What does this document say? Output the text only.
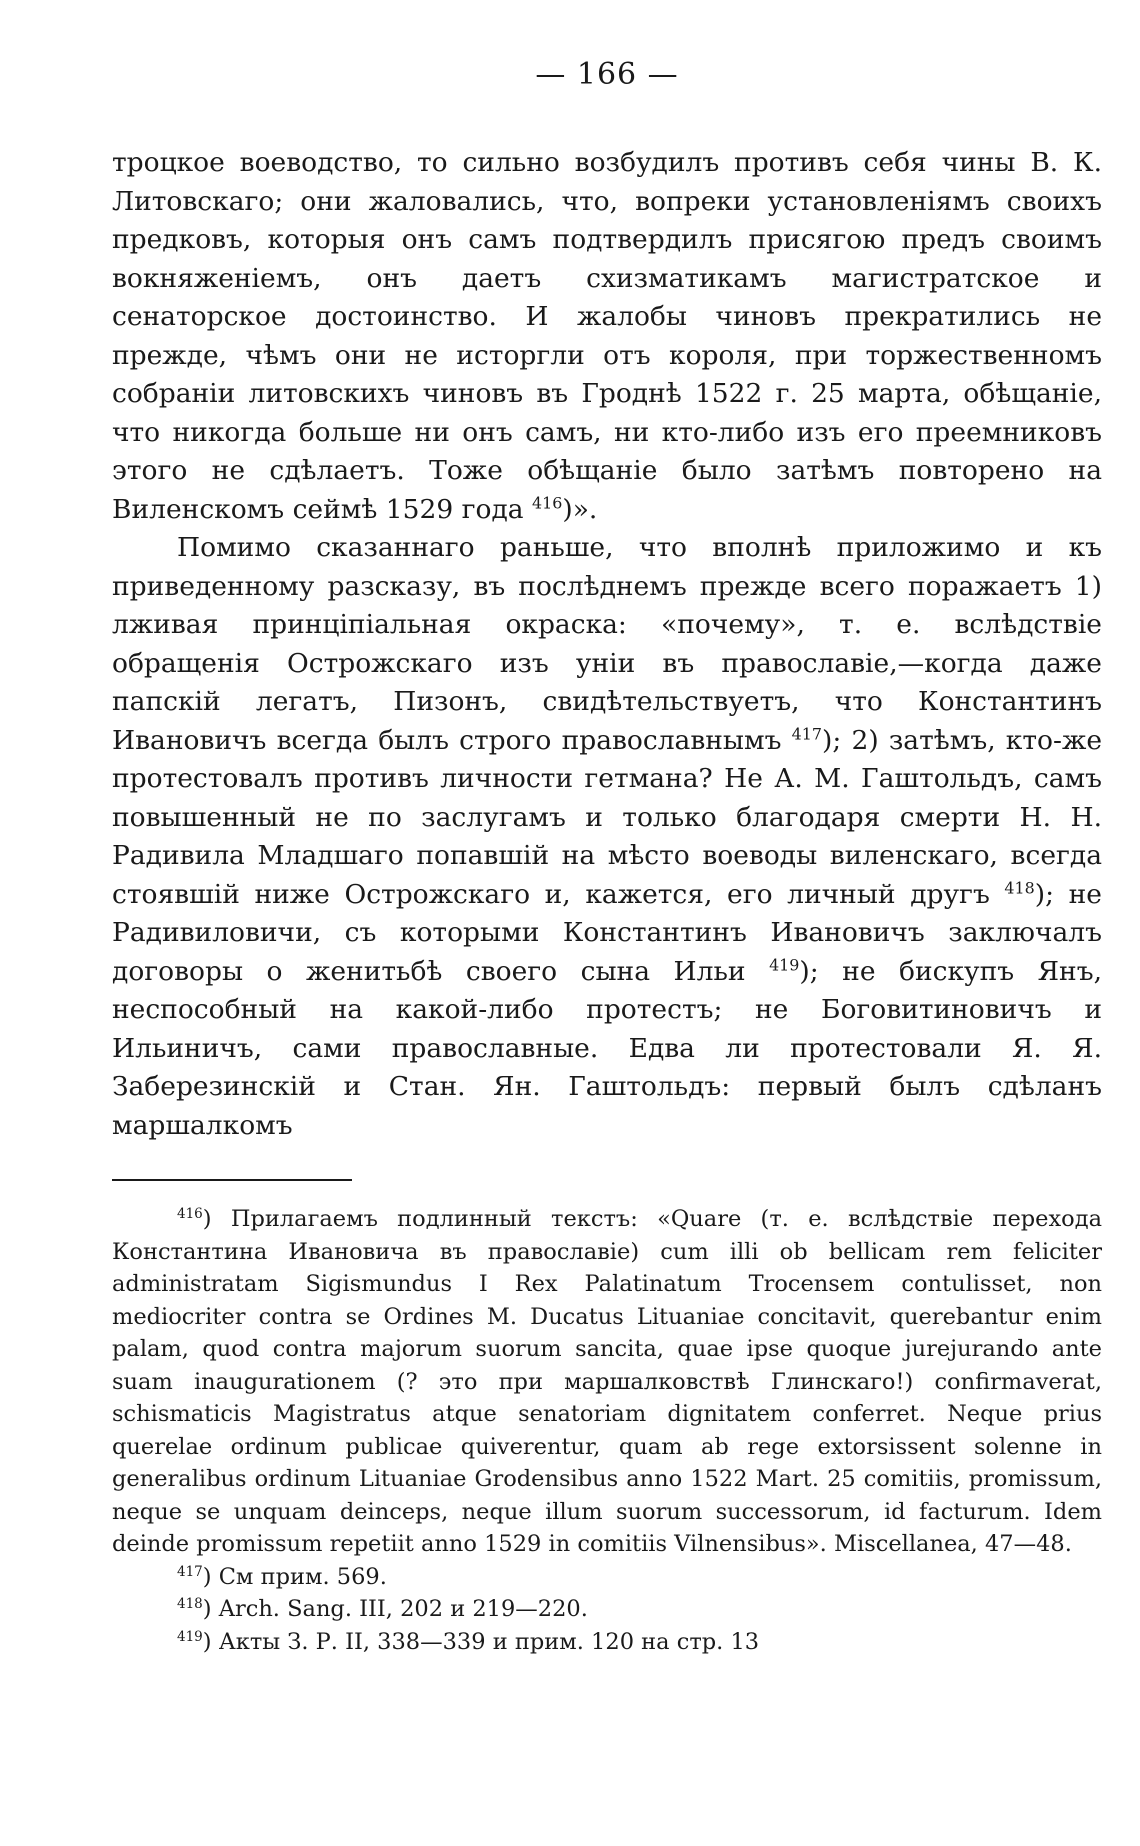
— 166 —

троцкое воеводство, то сильно возбудилъ противъ себя чины В. К. Литовскаго; они жаловались, что, вопреки установленiямъ своихъ предковъ, которыя онъ самъ подтвердилъ присягою предъ своимъ вокняженiемъ, онъ даетъ схизматикамъ магистратское и сенаторское достоинство. И жалобы чиновъ прекратились не прежде, чѣмъ они не исторгли отъ короля, при торжественномъ собранiи литовскихъ чиновъ въ Гроднѣ 1522 г. 25 марта, обѣщанiе, что никогда больше ни онъ самъ, ни кто-либо изъ его преемниковъ этого не сдѣлаетъ. Тоже обѣщанiе было затѣмъ повторено на Виленскомъ сеймѣ 1529 года $^{416}$)».

Помимо сказаннаго раньше, что вполнѣ приложимо и къ приведенному разсказу, въ послѣднемъ прежде всего поражаетъ 1) лживая принцiпiальная окраска: «почему», т. е. вслѣдствiе обращенiя Острожскаго изъ унiи въ православiе,—когда даже папскiй легатъ, Пизонъ, свидѣтельствуетъ, что Константинъ Ивановичъ всегда былъ строго православнымъ $^{417}$); 2) затѣмъ, кто-же протестовалъ противъ личности гетмана? Не А. М. Гаштольдъ, самъ повышенный не по заслугамъ и только благодаря смерти Н. Н. Радивила Младшаго попавшiй на мѣсто воеводы виленскаго, всегда стоявшiй ниже Острожскаго и, кажется, его личный другъ $^{418}$); не Радивиловичи, съ которыми Константинъ Ивановичъ заключалъ договоры о женитьбѣ своего сына Ильи $^{419}$); не бискупъ Янъ, неспособный на какой-либо протестъ; не Боговитиновичъ и Ильиничъ, сами православные. Едва ли протестовали Я. Я. Заберезинскiй и Стан. Ян. Гаштольдъ: первый былъ сдѣланъ маршалкомъ

$^{416}$) Прилагаемъ подлинный текстъ: «Quare (т. е. вслѣдствiе перехода Константина Ивановича въ православiе) cum illi ob bellicam rem feliciter administratam Sigismundus I Rex Palatinatum Trocensem contulisset, non mediocriter contra se Ordines M. Ducatus Lituaniae concitavit, querebantur enim palam, quod contra majorum suorum sancita, quae ipse quoque jurejurando ante suam inaugurationem (? это при маршалковствѣ Глинскаго!) confirmaverat, schismaticis Magistratus atque senatoriam dignitatem conferret. Neque prius querelae ordinum publicae quiverentur, quam ab rege extorsissent solenne in generalibus ordinum Lituaniae Grodensibus anno 1522 Mart. 25 comitiis, promissum, neque se unquam deinceps, neque illum suorum successorum, id facturum. Idem deinde promissum repetiit anno 1529 in comitiis Vilnensibus». Miscellanea, 47—48.

$^{417}$) См прим. 569.

$^{418}$) Arch. Sang. III, 202 и 219—220.

$^{419}$) Акты З. Р. II, 338—339 и прим. 120 на стр. 13
